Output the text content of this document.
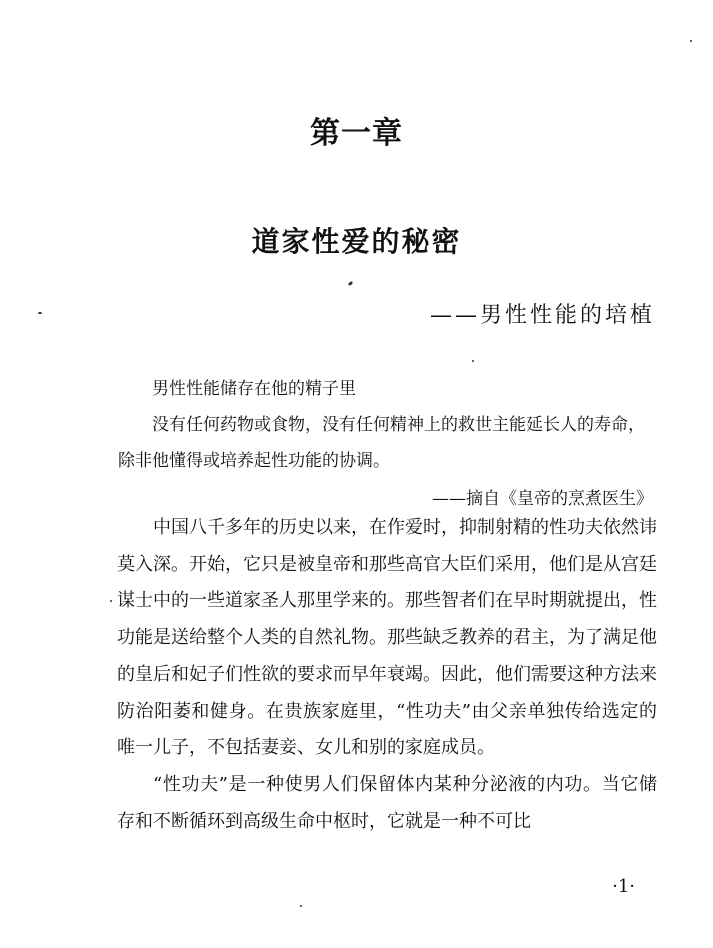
第一章
道家性爱的秘密
——男性性能的培植
男性性能储存在他的精子里
没有任何药物或食物，没有任何精神上的救世主能延长人的寿命，除非他懂得或培养起性功能的协调。
——摘自《皇帝的烹煮医生》

中国八千多年的历史以来，在作爱时，抑制射精的性功夫依然讳莫入深。开始，它只是被皇帝和那些高官大臣们采用，他们是从宫廷谋士中的一些道家圣人那里学来的。那些智者们在早时期就提出，性功能是送给整个人类的自然礼物。那些缺乏教养的君主，为了满足他的皇后和妃子们性欲的要求而早年衰竭。因此，他们需要这种方法来防治阳萎和健身。在贵族家庭里，“性功夫”由父亲单独传给选定的唯一儿子，不包括妻妾、女儿和别的家庭成员。

“性功夫”是一种使男人们保留体内某种分泌液的内功。当它储存和不断循环到高级生命中枢时，它就是一种不可比

·1·
